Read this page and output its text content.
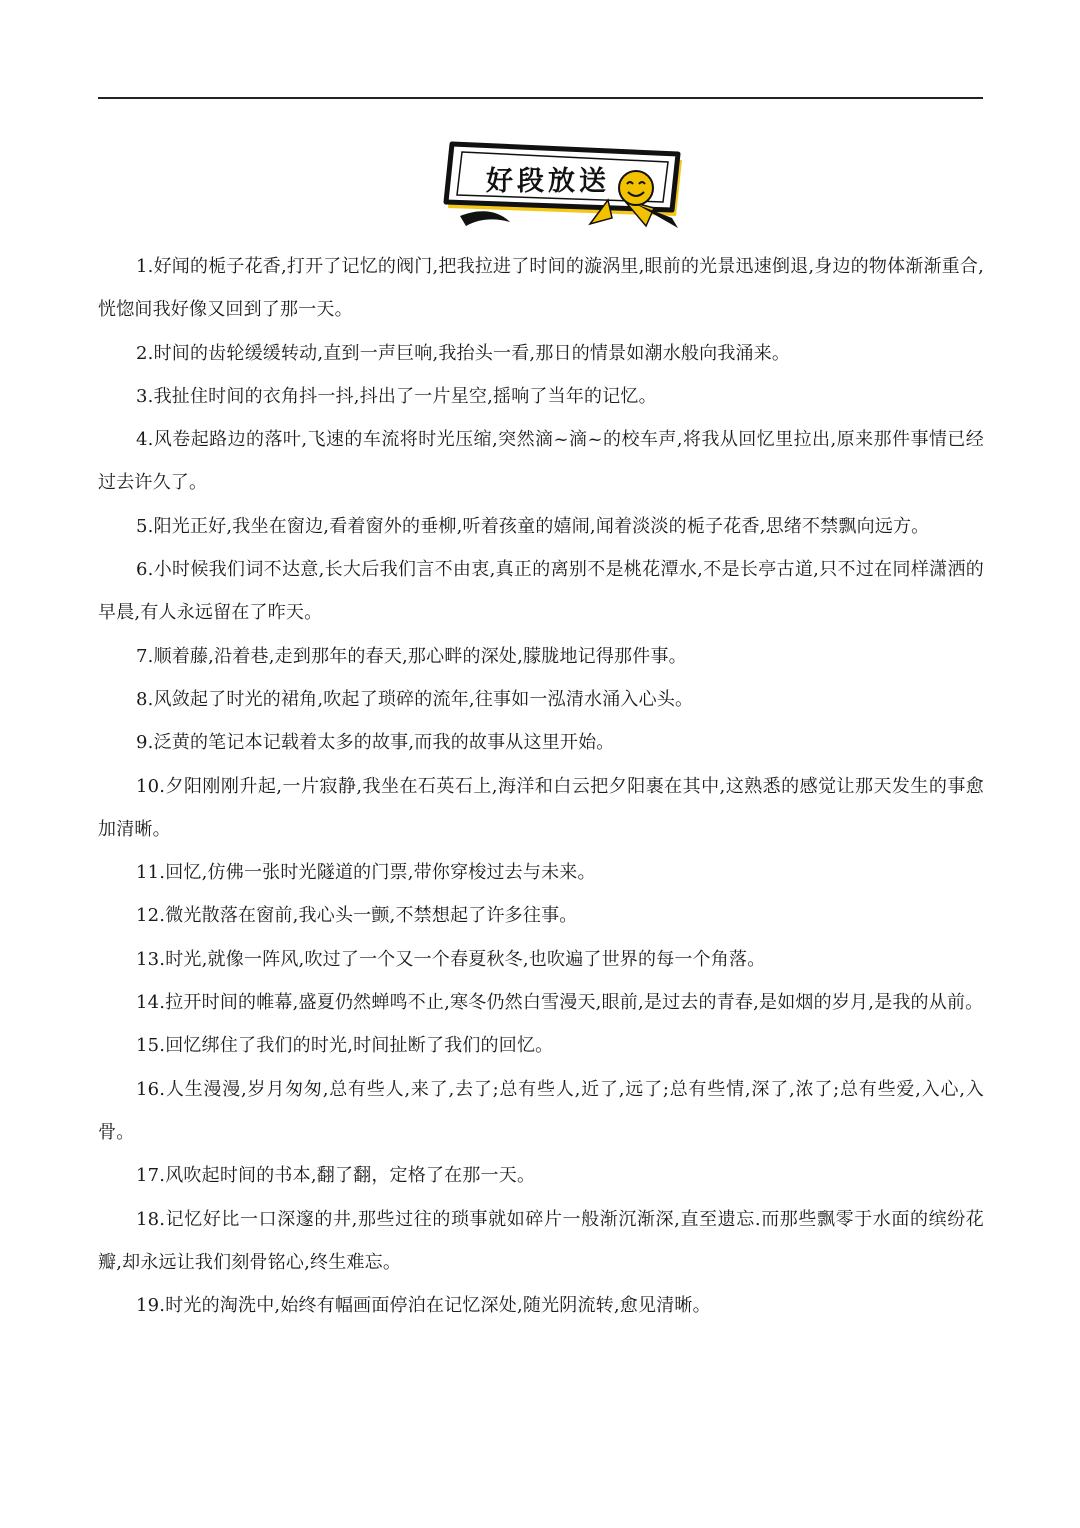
好段放送

1.好闻的栀子花香,打开了记忆的阀门,把我拉进了时间的漩涡里,眼前的光景迅速倒退,身边的物体渐渐重合,恍惚间我好像又回到了那一天。

2.时间的齿轮缓缓转动,直到一声巨响,我抬头一看,那日的情景如潮水般向我涌来。

3.我扯住时间的衣角抖一抖,抖出了一片星空,摇响了当年的记忆。

4.风卷起路边的落叶,飞速的车流将时光压缩,突然滴~滴~的校车声,将我从回忆里拉出,原来那件事情已经过去许久了。

5.阳光正好,我坐在窗边,看着窗外的垂柳,听着孩童的嬉闹,闻着淡淡的栀子花香,思绪不禁飘向远方。

6.小时候我们词不达意,长大后我们言不由衷,真正的离别不是桃花潭水,不是长亭古道,只不过在同样潇洒的早晨,有人永远留在了昨天。

7.顺着藤,沿着巷,走到那年的春天,那心畔的深处,朦胧地记得那件事。

8.风敛起了时光的裙角,吹起了琐碎的流年,往事如一泓清水涌入心头。

9.泛黄的笔记本记载着太多的故事,而我的故事从这里开始。

10.夕阳刚刚升起,一片寂静,我坐在石英石上,海洋和白云把夕阳裹在其中,这熟悉的感觉让那天发生的事愈加清晰。

11.回忆,仿佛一张时光隧道的门票,带你穿梭过去与未来。

12.微光散落在窗前,我心头一颤,不禁想起了许多往事。

13.时光,就像一阵风,吹过了一个又一个春夏秋冬,也吹遍了世界的每一个角落。

14.拉开时间的帷幕,盛夏仍然蝉鸣不止,寒冬仍然白雪漫天,眼前,是过去的青春,是如烟的岁月,是我的从前。

15.回忆绑住了我们的时光,时间扯断了我们的回忆。

16.人生漫漫,岁月匆匆,总有些人,来了,去了;总有些人,近了,远了;总有些情,深了,浓了;总有些爱,入心,入骨。

17.风吹起时间的书本,翻了翻，定格了在那一天。

18.记忆好比一口深邃的井,那些过往的琐事就如碎片一般渐沉渐深,直至遗忘.而那些飘零于水面的缤纷花瓣,却永远让我们刻骨铭心,终生难忘。

19.时光的淘洗中,始终有幅画面停泊在记忆深处,随光阴流转,愈见清晰。
